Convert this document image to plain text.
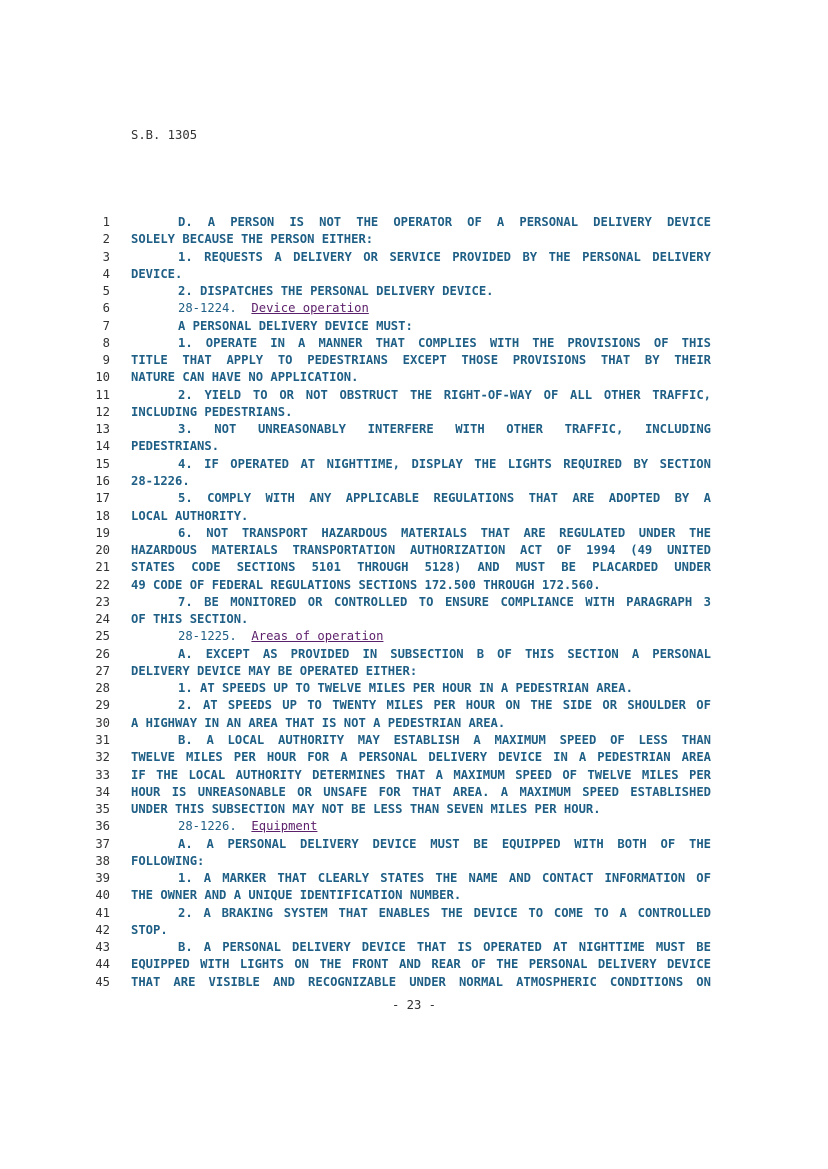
S.B. 1305
1	D. A PERSON IS NOT THE OPERATOR OF A PERSONAL DELIVERY DEVICE
2 SOLELY BECAUSE THE PERSON EITHER:
3	1. REQUESTS A DELIVERY OR SERVICE PROVIDED BY THE PERSONAL DELIVERY
4 DEVICE.
5	2. DISPATCHES THE PERSONAL DELIVERY DEVICE.
6	28-1224. Device operation
7	A PERSONAL DELIVERY DEVICE MUST:
8	1. OPERATE IN A MANNER THAT COMPLIES WITH THE PROVISIONS OF THIS
9 TITLE THAT APPLY TO PEDESTRIANS EXCEPT THOSE PROVISIONS THAT BY THEIR
10 NATURE CAN HAVE NO APPLICATION.
11	2. YIELD TO OR NOT OBSTRUCT THE RIGHT-OF-WAY OF ALL OTHER TRAFFIC,
12 INCLUDING PEDESTRIANS.
13	3. NOT UNREASONABLY INTERFERE WITH OTHER TRAFFIC, INCLUDING
14 PEDESTRIANS.
15	4. IF OPERATED AT NIGHTTIME, DISPLAY THE LIGHTS REQUIRED BY SECTION
16 28-1226.
17	5. COMPLY WITH ANY APPLICABLE REGULATIONS THAT ARE ADOPTED BY A
18 LOCAL AUTHORITY.
19	6. NOT TRANSPORT HAZARDOUS MATERIALS THAT ARE REGULATED UNDER THE
20 HAZARDOUS MATERIALS TRANSPORTATION AUTHORIZATION ACT OF 1994 (49 UNITED
21 STATES CODE SECTIONS 5101 THROUGH 5128) AND MUST BE PLACARDED UNDER
22 49 CODE OF FEDERAL REGULATIONS SECTIONS 172.500 THROUGH 172.560.
23	7. BE MONITORED OR CONTROLLED TO ENSURE COMPLIANCE WITH PARAGRAPH 3
24 OF THIS SECTION.
25	28-1225. Areas of operation
26	A. EXCEPT AS PROVIDED IN SUBSECTION B OF THIS SECTION A PERSONAL
27 DELIVERY DEVICE MAY BE OPERATED EITHER:
28	1. AT SPEEDS UP TO TWELVE MILES PER HOUR IN A PEDESTRIAN AREA.
29	2. AT SPEEDS UP TO TWENTY MILES PER HOUR ON THE SIDE OR SHOULDER OF
30 A HIGHWAY IN AN AREA THAT IS NOT A PEDESTRIAN AREA.
31	B. A LOCAL AUTHORITY MAY ESTABLISH A MAXIMUM SPEED OF LESS THAN
32 TWELVE MILES PER HOUR FOR A PERSONAL DELIVERY DEVICE IN A PEDESTRIAN AREA
33 IF THE LOCAL AUTHORITY DETERMINES THAT A MAXIMUM SPEED OF TWELVE MILES PER
34 HOUR IS UNREASONABLE OR UNSAFE FOR THAT AREA. A MAXIMUM SPEED ESTABLISHED
35 UNDER THIS SUBSECTION MAY NOT BE LESS THAN SEVEN MILES PER HOUR.
36	28-1226. Equipment
37	A. A PERSONAL DELIVERY DEVICE MUST BE EQUIPPED WITH BOTH OF THE
38 FOLLOWING:
39	1. A MARKER THAT CLEARLY STATES THE NAME AND CONTACT INFORMATION OF
40 THE OWNER AND A UNIQUE IDENTIFICATION NUMBER.
41	2. A BRAKING SYSTEM THAT ENABLES THE DEVICE TO COME TO A CONTROLLED
42 STOP.
43	B. A PERSONAL DELIVERY DEVICE THAT IS OPERATED AT NIGHTTIME MUST BE
44 EQUIPPED WITH LIGHTS ON THE FRONT AND REAR OF THE PERSONAL DELIVERY DEVICE
45 THAT ARE VISIBLE AND RECOGNIZABLE UNDER NORMAL ATMOSPHERIC CONDITIONS ON
- 23 -
